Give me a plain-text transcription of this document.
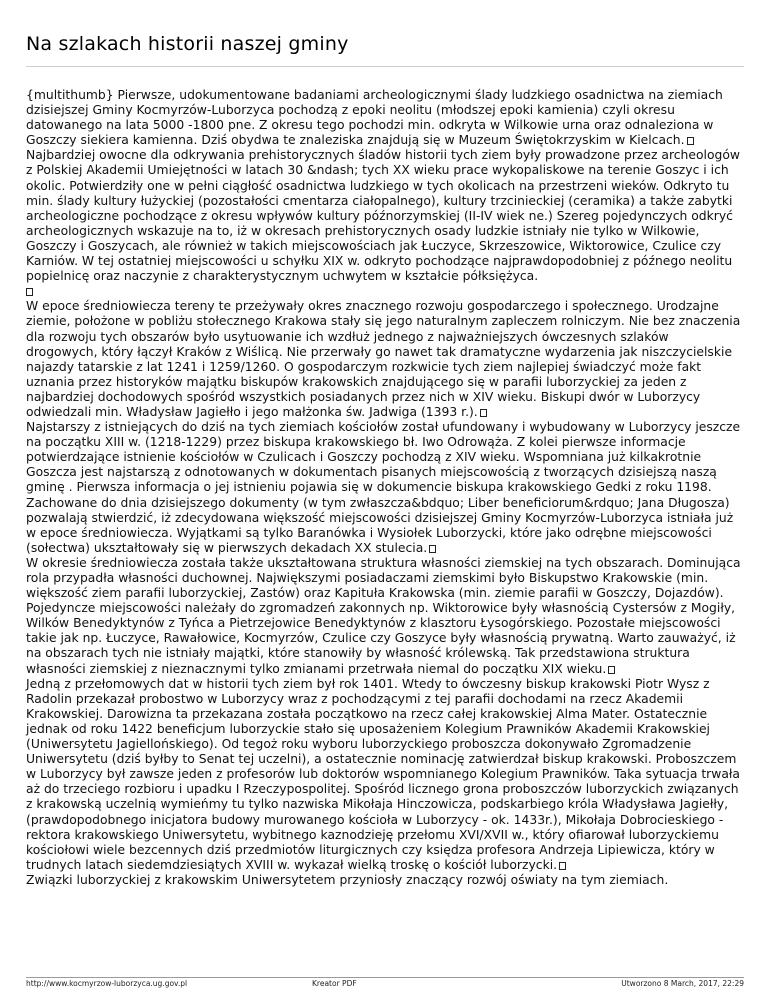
Na szlakach historii naszej gminy

{multithumb} Pierwsze, udokumentowane badaniami archeologicznymi ślady ludzkiego osadnictwa na ziemiach dzisiejszej Gminy Kocmyrzów-Luborzyca pochodzą z epoki neolitu (młodszej epoki kamienia) czyli okresu datowanego na lata 5000 -1800 pne. Z okresu tego pochodzi min. odkryta w Wilkowie urna oraz odnaleziona w Goszczy siekiera kamienna. Dziś obydwa te znaleziska znajdują się w Muzeum Świętokrzyskim w Kielcach.

Najbardziej owocne dla odkrywania prehistorycznych śladów historii tych ziem były prowadzone przez archeologów z Polskiej Akademii Umiejętności w latach 30 &ndash; tych XX wieku prace wykopaliskowe na terenie Goszyc i ich okolic. Potwierdziły one w pełni ciągłość osadnictwa ludzkiego w tych okolicach na przestrzeni wieków. Odkryto tu min. ślady kultury łużyckiej (pozostałości cmentarza ciałopalnego), kultury trzcinieckiej (ceramika) a także zabytki archeologiczne pochodzące z okresu wpływów kultury późnorzymskiej (II-IV wiek ne.) Szereg pojedynczych odkryć archeologicznych wskazuje na to, iż w okresach prehistorycznych osady ludzkie istniały nie tylko w Wilkowie, Goszczy i Goszycach, ale również w takich miejscowościach jak Łuczyce, Skrzeszowice, Wiktorowice, Czulice czy Karniów. W tej ostatniej miejscowości u schyłku XIX w. odkryto pochodzące najprawdopodobniej z późnego neolitu popielnicę oraz naczynie z charakterystycznym uchwytem w kształcie półksiężyca.

W epoce średniowiecza tereny te przeżywały okres znacznego rozwoju gospodarczego i społecznego. Urodzajne ziemie, położone w pobliżu stołecznego Krakowa stały się jego naturalnym zapleczem rolniczym. Nie bez znaczenia dla rozwoju tych obszarów było usytuowanie ich wzdłuż jednego z najważniejszych ówczesnych szlaków drogowych, który łączył Kraków z Wiślicą. Nie przerwały go nawet tak dramatyczne wydarzenia jak niszczycielskie najazdy tatarskie z lat 1241 i 1259/1260. O gospodarczym rozkwicie tych ziem najlepiej świadczyć może fakt uznania przez historyków majątku biskupów krakowskich znajdującego się w parafii luborzyckiej za jeden z najbardziej dochodowych spośród wszystkich posiadanych przez nich w XIV wieku. Biskupi dwór w Luborzycy odwiedzali min. Władysław Jagiełło i jego małżonka św. Jadwiga (1393 r.).

Najstarszy z istniejących do dziś na tych ziemiach kościołów został ufundowany i wybudowany w Luborzycy jeszcze na początku XIII w. (1218-1229) przez biskupa krakowskiego bł. Iwo Odrowąża. Z kolei pierwsze informacje potwierdzające istnienie kościołów w Czulicach i Goszczy pochodzą z XIV wieku. Wspomniana już kilkakrotnie Goszcza jest najstarszą z odnotowanych w dokumentach pisanych miejscowością z tworzących dzisiejszą naszą gminę . Pierwsza informacja o jej istnieniu pojawia się w dokumencie biskupa krakowskiego Gedki z roku 1198. Zachowane do dnia dzisiejszego dokumenty (w tym zwłaszcza&bdquo; Liber beneficiorum&rdquo; Jana Długosza) pozwalają stwierdzić, iż zdecydowana większość miejscowości dzisiejszej Gminy Kocmyrzów-Luborzyca istniała już w epoce średniowiecza. Wyjątkami są tylko Baranówka i Wysiołek Luborzycki, które jako odrębne miejscowości (sołectwa) ukształtowały się w pierwszych dekadach XX stulecia.

W okresie średniowiecza została także ukształtowana struktura własności ziemskiej na tych obszarach. Dominująca rola przypadła własności duchownej. Największymi posiadaczami ziemskimi było Biskupstwo Krakowskie (min. większość ziem parafii luborzyckiej, Zastów) oraz Kapituła Krakowska (min. ziemie parafii w Goszczy, Dojazdów). Pojedyncze miejscowości należały do zgromadzeń zakonnych np. Wiktorowice były własnością Cystersów z Mogiły, Wilków Benedyktynów z Tyńca a Pietrzejowice Benedyktynów z klasztoru Łysogórskiego. Pozostałe miejscowości takie jak np. Łuczyce, Rawałowice, Kocmyrzów, Czulice czy Goszyce były własnością prywatną. Warto zauważyć, iż na obszarach tych nie istniały majątki, które stanowiły by własność królewską. Tak przedstawiona struktura własności ziemskiej z nieznacznymi tylko zmianami przetrwała niemal do początku XIX wieku.

Jedną z przełomowych dat w historii tych ziem był rok 1401. Wtedy to ówczesny biskup krakowski Piotr Wysz z Radolin przekazał probostwo w Luborzycy wraz z pochodzącymi z tej parafii dochodami na rzecz Akademii Krakowskiej. Darowizna ta przekazana została początkowo na rzecz całej krakowskiej Alma Mater. Ostatecznie jednak od roku 1422 beneficjum luborzyckie stało się uposażeniem Kolegium Prawników Akademii Krakowskiej (Uniwersytetu Jagiellońskiego). Od tegoż roku wyboru luborzyckiego proboszcza dokonywało Zgromadzenie Uniwersytetu (dziś byłby to Senat tej uczelni), a ostatecznie nominację zatwierdzał biskup krakowski. Proboszczem w Luborzycy był zawsze jeden z profesorów lub doktorów wspomnianego Kolegium Prawników. Taka sytuacja trwała aż do trzeciego rozbioru i upadku I Rzeczypospolitej. Spośród licznego grona proboszczów luborzyckich związanych z krakowską uczelnią wymieńmy tu tylko nazwiska Mikołaja Hinczowicza, podskarbiego króla Władysława Jagiełły, (prawdopodobnego inicjatora budowy murowanego kościoła w Luborzycy - ok. 1433r.), Mikołaja Dobrocieskiego - rektora krakowskiego Uniwersytetu, wybitnego kaznodzieję przełomu XVI/XVII w., który ofiarował luborzyckiemu kościołowi wiele bezcennych dziś przedmiotów liturgicznych czy księdza profesora Andrzeja Lipiewicza, który w trudnych latach siedemdziesiątych XVIII w. wykazał wielką troskę o kościół luborzycki.

Związki luborzyckiej z krakowskim Uniwersytetem przyniosły znaczący rozwój oświaty na tym ziemiach.

http://www.kocmyrzow-luborzyca.ug.gov.pl	Kreator PDF	Utworzono 8 March, 2017, 22:29
